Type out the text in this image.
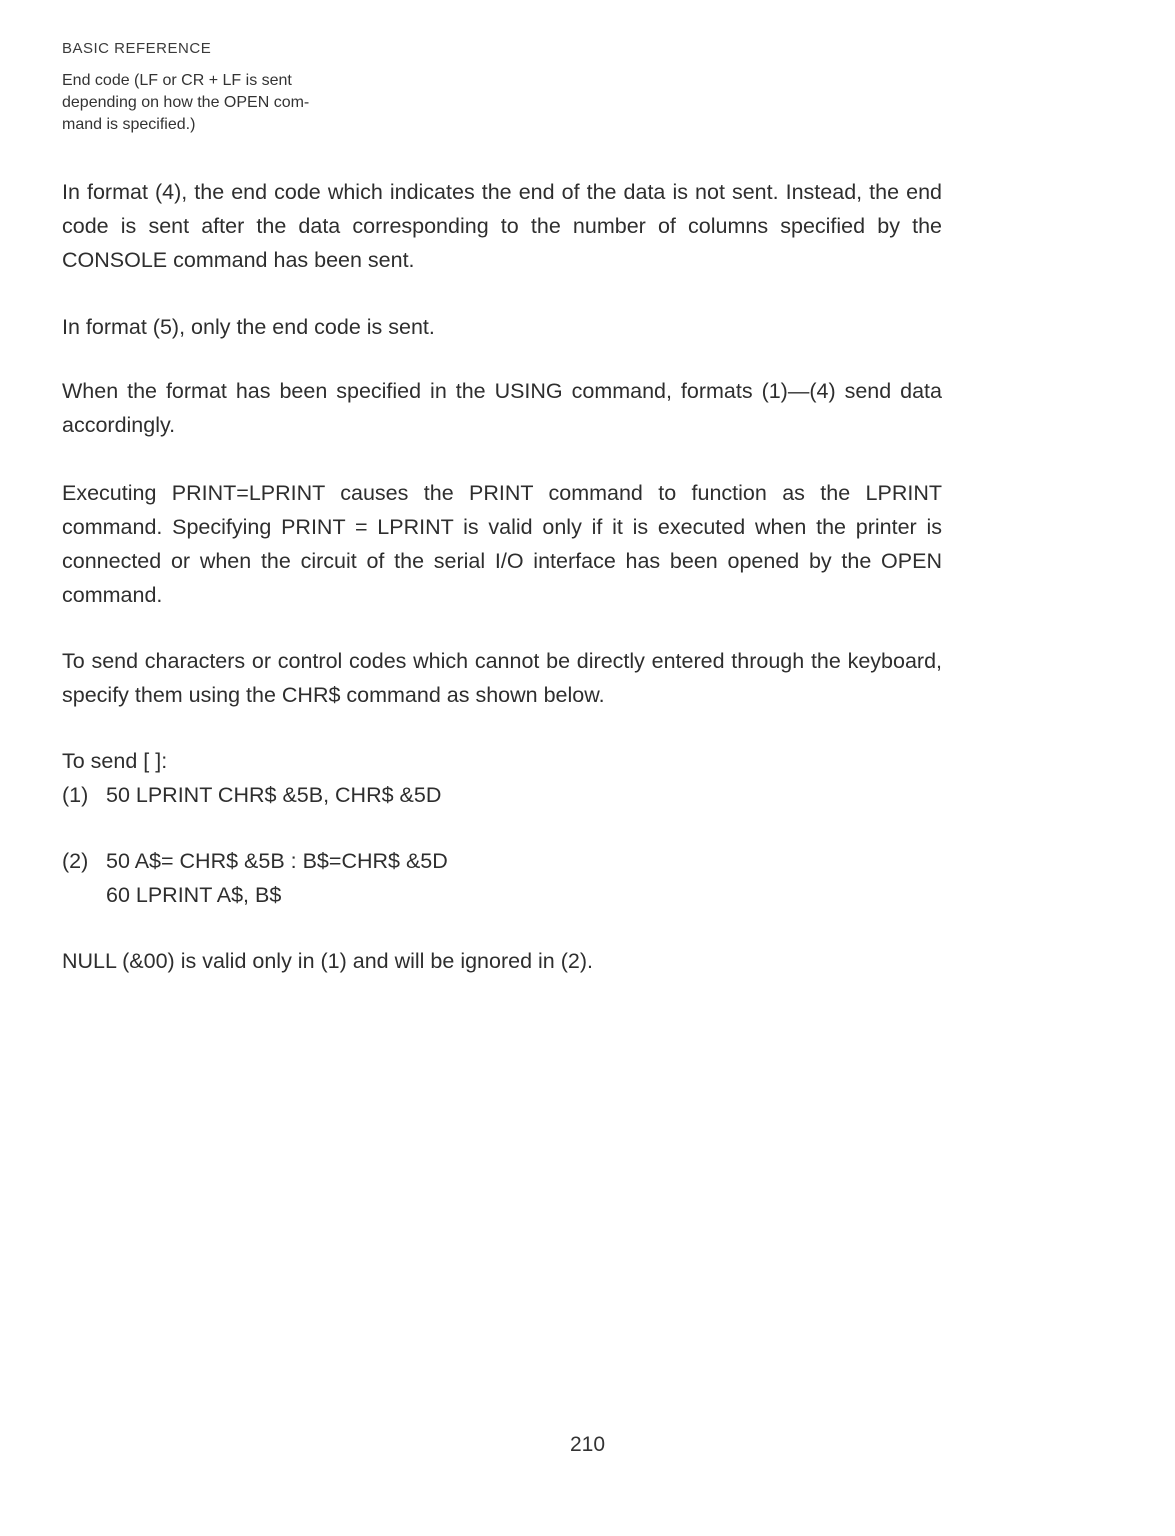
BASIC REFERENCE
End code (LF or CR + LF is sent
depending on how the OPEN com-
mand is specified.)
In format (4), the end code which indicates the end of the data is not sent. Instead, the end code is sent after the data corresponding to the number of columns specified by the CONSOLE command has been sent.
In format (5), only the end code is sent.
When the format has been specified in the USING command, formats (1)—(4) send data accordingly.
Executing PRINT=LPRINT causes the PRINT command to function as the LPRINT command. Specifying PRINT = LPRINT is valid only if it is executed when the printer is connected or when the circuit of the serial I/O interface has been opened by the OPEN command.
To send characters or control codes which cannot be directly entered through the keyboard, specify them using the CHR$ command as shown below.
To send [ ]:
(1) 50 LPRINT CHR$ &5B, CHR$ &5D
(2) 50 A$= CHR$ &5B : B$=CHR$ &5D
60 LPRINT A$, B$
NULL (&00) is valid only in (1) and will be ignored in (2).
210
